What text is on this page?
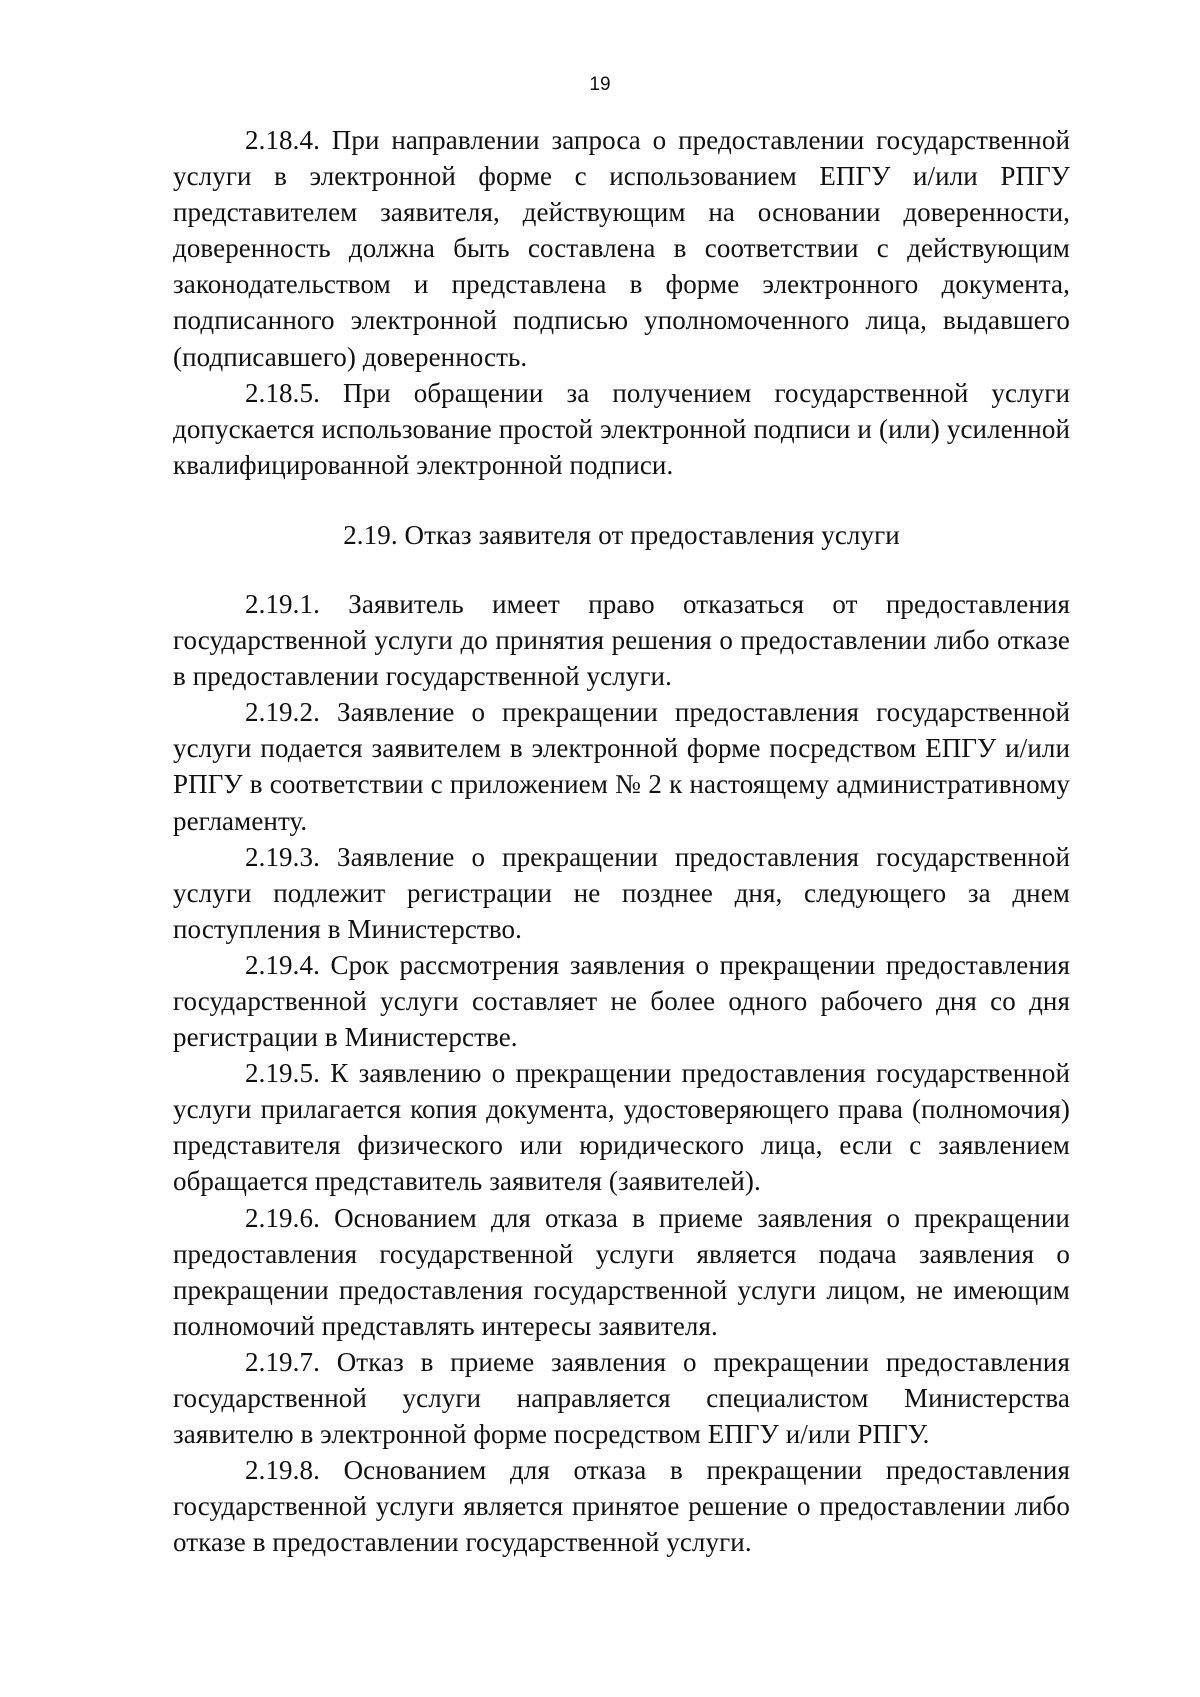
19

2.18.4. При направлении запроса о предоставлении государственной услуги в электронной форме с использованием ЕПГУ и/или РПГУ представителем заявителя, действующим на основании доверенности, доверенность должна быть составлена в соответствии с действующим законодательством и представлена в форме электронного документа, подписанного электронной подписью уполномоченного лица, выдавшего (подписавшего) доверенность.

2.18.5. При обращении за получением государственной услуги допускается использование простой электронной подписи и (или) усиленной квалифицированной электронной подписи.

2.19. Отказ заявителя от предоставления услуги

2.19.1. Заявитель имеет право отказаться от предоставления государственной услуги до принятия решения о предоставлении либо отказе в предоставлении государственной услуги.

2.19.2. Заявление о прекращении предоставления государственной услуги подается заявителем в электронной форме посредством ЕПГУ и/или РПГУ в соответствии с приложением № 2 к настоящему административному регламенту.

2.19.3. Заявление о прекращении предоставления государственной услуги подлежит регистрации не позднее дня, следующего за днем поступления в Министерство.

2.19.4. Срок рассмотрения заявления о прекращении предоставления государственной услуги составляет не более одного рабочего дня со дня регистрации в Министерстве.

2.19.5. К заявлению о прекращении предоставления государственной услуги прилагается копия документа, удостоверяющего права (полномочия) представителя физического или юридического лица, если с заявлением обращается представитель заявителя (заявителей).

2.19.6. Основанием для отказа в приеме заявления о прекращении предоставления государственной услуги является подача заявления о прекращении предоставления государственной услуги лицом, не имеющим полномочий представлять интересы заявителя.

2.19.7. Отказ в приеме заявления о прекращении предоставления государственной услуги направляется специалистом Министерства заявителю в электронной форме посредством ЕПГУ и/или РПГУ.

2.19.8. Основанием для отказа в прекращении предоставления государственной услуги является принятое решение о предоставлении либо отказе в предоставлении государственной услуги.
